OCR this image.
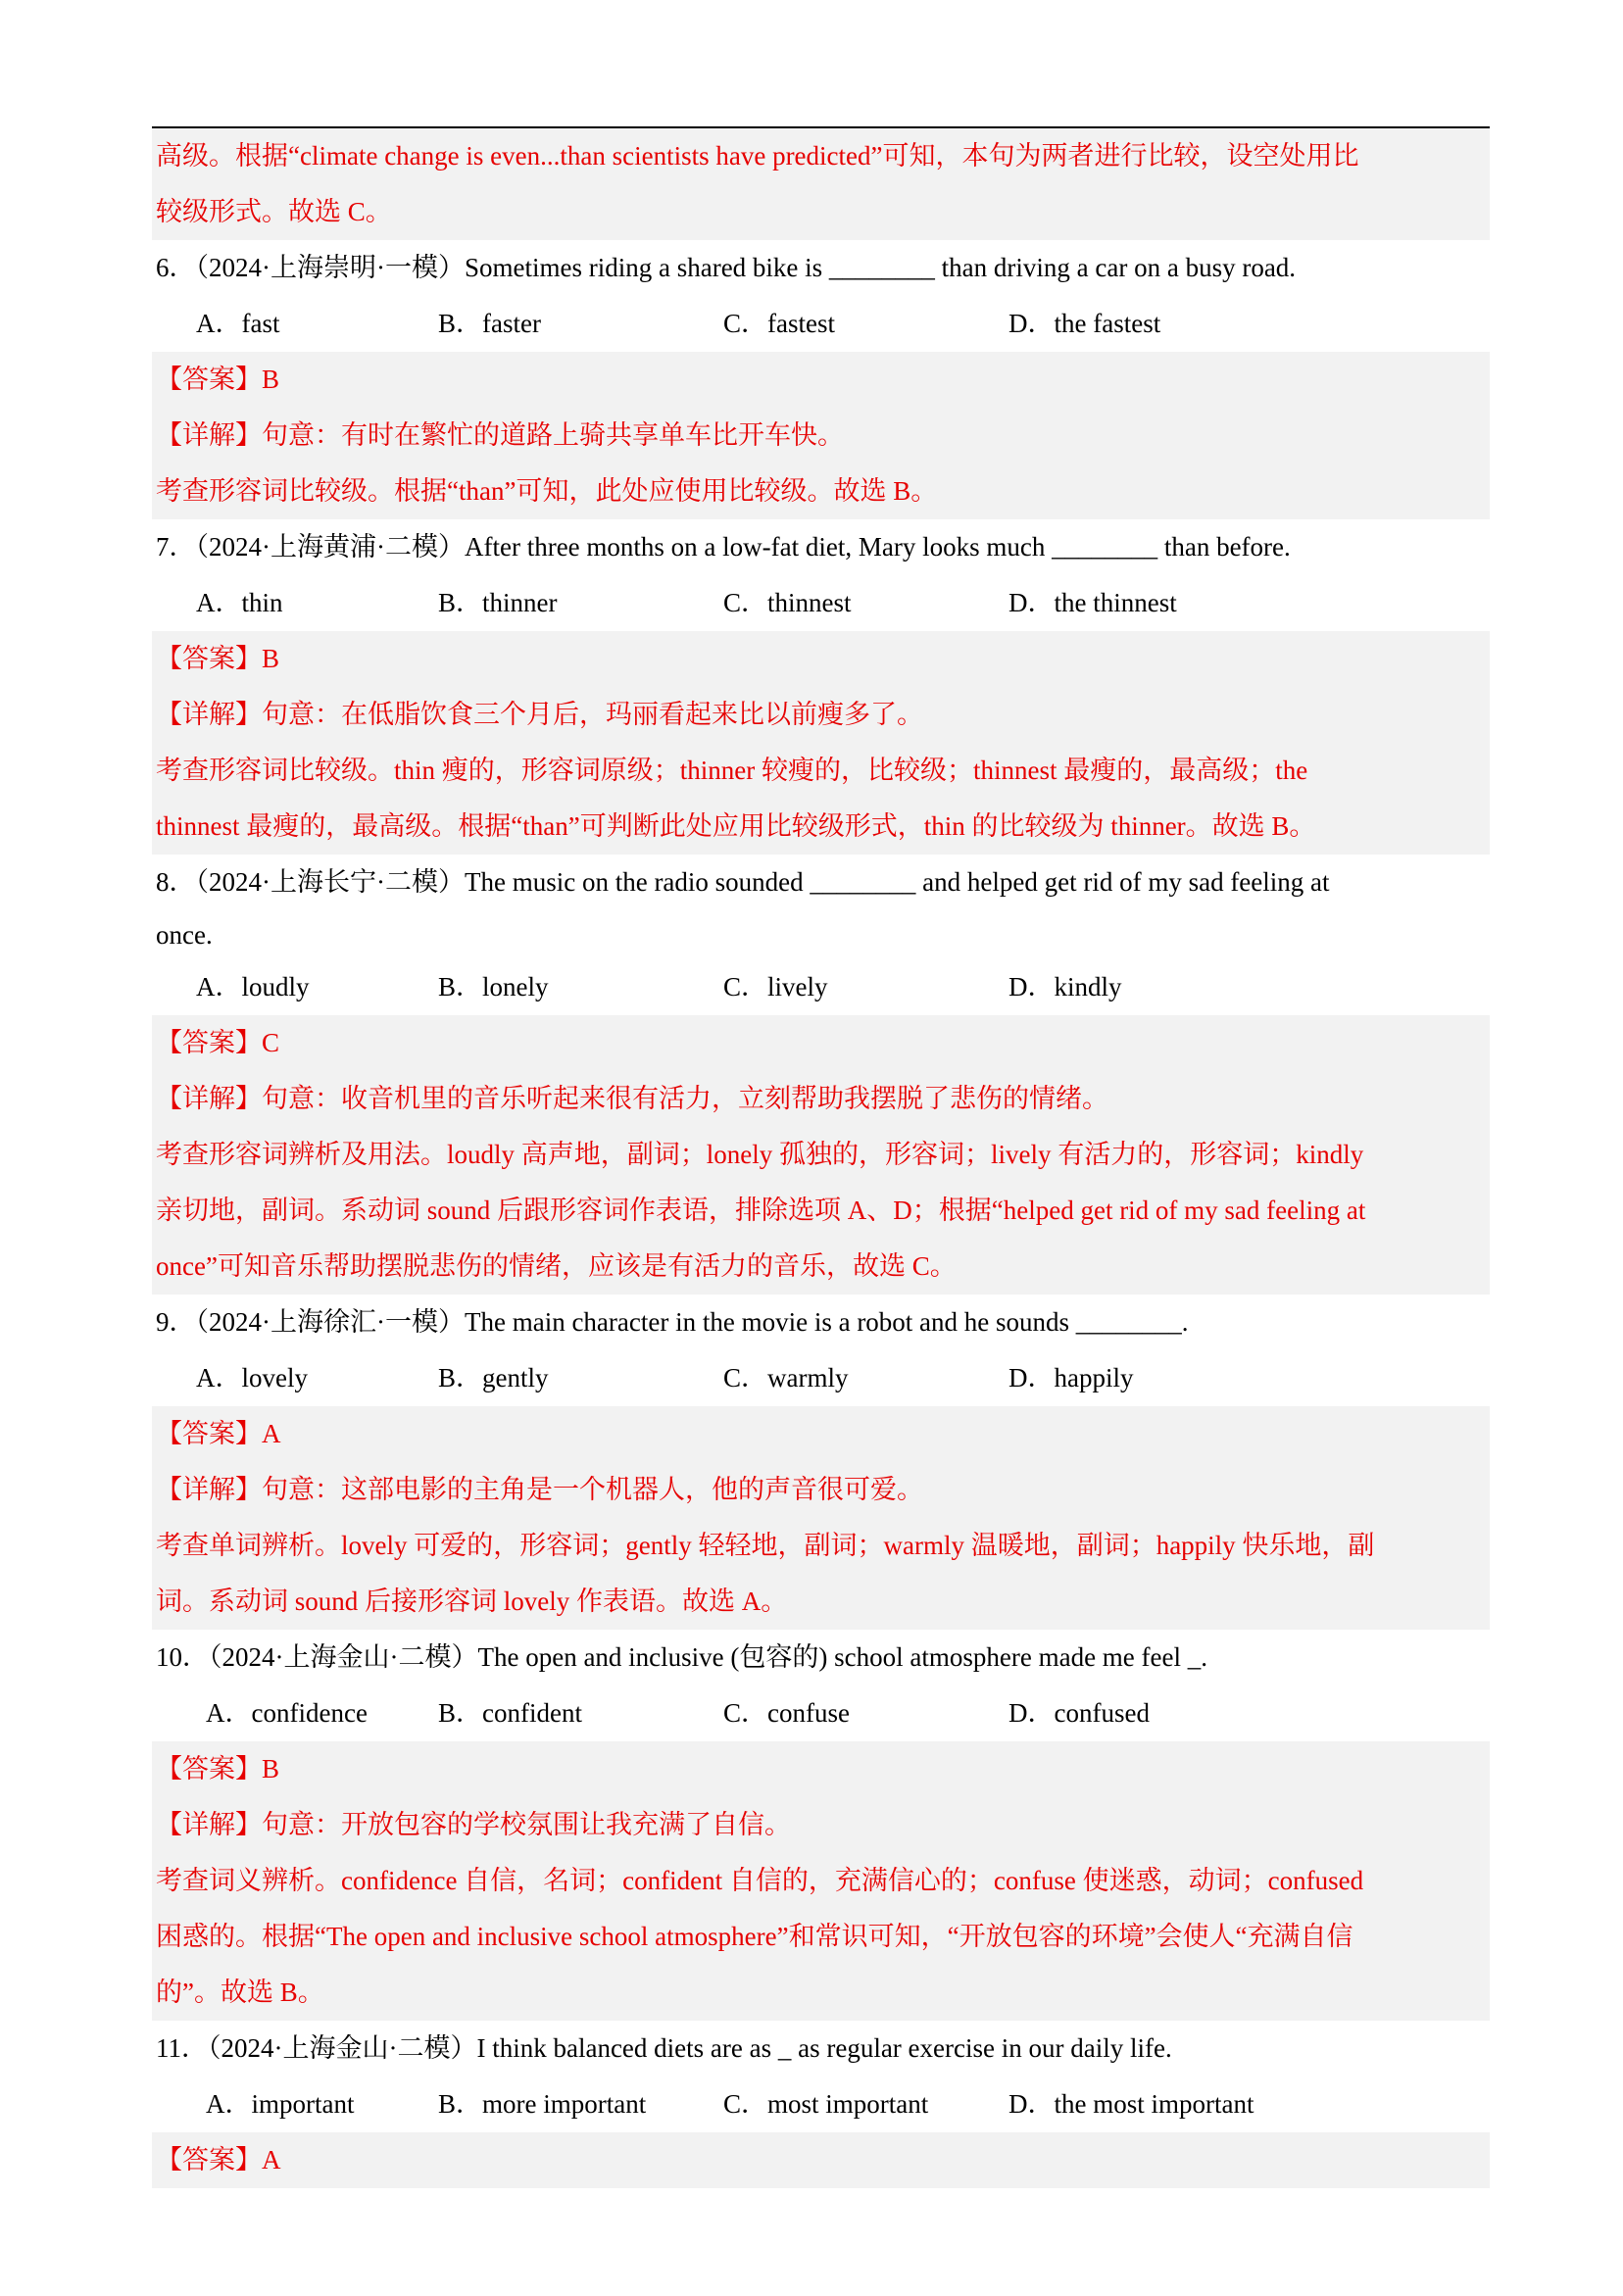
高级。根据“climate change is even...than scientists have predicted”可知，本句为两者进行比较，设空处用比
较级形式。故选 C。
6．（2024·上海崇明·一模）Sometimes riding a shared bike is ________ than driving a car on a busy road.
A．fast	B．faster	C．fastest	D．the fastest
【答案】B
【详解】句意：有时在繁忙的道路上骑共享单车比开车快。
考查形容词比较级。根据“than”可知，此处应使用比较级。故选 B。
7．（2024·上海黄浦·二模）After three months on a low-fat diet, Mary looks much ________ than before.
A．thin	B．thinner	C．thinnest	D．the thinnest
【答案】B
【详解】句意：在低脂饮食三个月后，玛丽看起来比以前瘦多了。
考查形容词比较级。thin 瘦的，形容词原级；thinner 较瘦的，比较级；thinnest 最瘦的，最高级；the
thinnest 最瘦的，最高级。根据“than”可判断此处应用比较级形式，thin 的比较级为 thinner。故选 B。
8．（2024·上海长宁·二模）The music on the radio sounded ________ and helped get rid of my sad feeling at
once.
A．loudly	B．lonely	C．lively	D．kindly
【答案】C
【详解】句意：收音机里的音乐听起来很有活力，立刻帮助我摆脱了悲伤的情绪。
考查形容词辨析及用法。loudly 高声地，副词；lonely 孤独的，形容词；lively 有活力的，形容词；kindly
亲切地，副词。系动词 sound 后跟形容词作表语，排除选项 A、D；根据“helped get rid of my sad feeling at
once”可知音乐帮助摆脱悲伤的情绪，应该是有活力的音乐，故选 C。
9．（2024·上海徐汇·一模）The main character in the movie is a robot and he sounds ________.
A．lovely	B．gently	C．warmly	D．happily
【答案】A
【详解】句意：这部电影的主角是一个机器人，他的声音很可爱。
考查单词辨析。lovely 可爱的，形容词；gently 轻轻地，副词；warmly 温暖地，副词；happily 快乐地，副
词。系动词 sound 后接形容词 lovely 作表语。故选 A。
10．（2024·上海金山·二模）The open and inclusive (包容的) school atmosphere made me feel _.
A．confidence	B．confident	C．confuse	D．confused
【答案】B
【详解】句意：开放包容的学校氛围让我充满了自信。
考查词义辨析。confidence 自信，名词；confident 自信的，充满信心的；confuse 使迷惑，动词；confused
困惑的。根据“The open and inclusive school atmosphere”和常识可知，“开放包容的环境”会使人“充满自信
的”。故选 B。
11．（2024·上海金山·二模）I think balanced diets are as _ as regular exercise in our daily life.
A．important	B．more important	C．most important	D．the most important
【答案】A
